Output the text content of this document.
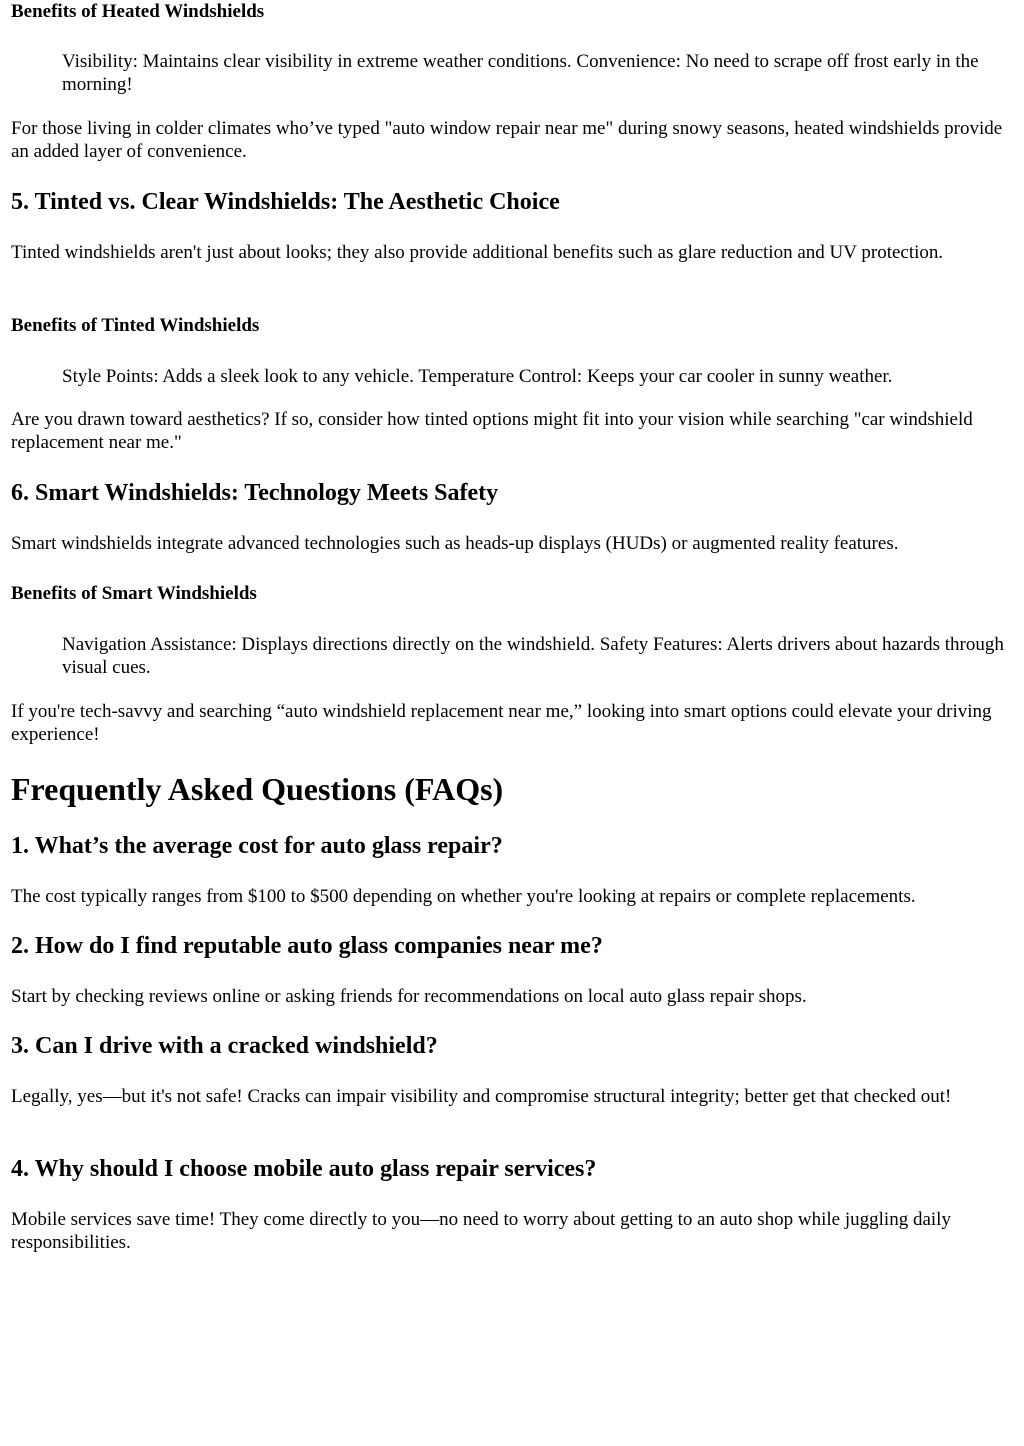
Benefits of Heated Windshields
Visibility: Maintains clear visibility in extreme weather conditions. Convenience: No need to scrape off frost early in the morning!
For those living in colder climates who’ve typed "auto window repair near me" during snowy seasons, heated windshields provide an added layer of convenience.
5. Tinted vs. Clear Windshields: The Aesthetic Choice
Tinted windshields aren't just about looks; they also provide additional benefits such as glare reduction and UV protection.
Benefits of Tinted Windshields
Style Points: Adds a sleek look to any vehicle. Temperature Control: Keeps your car cooler in sunny weather.
Are you drawn toward aesthetics? If so, consider how tinted options might fit into your vision while searching "car windshield replacement near me."
6. Smart Windshields: Technology Meets Safety
Smart windshields integrate advanced technologies such as heads-up displays (HUDs) or augmented reality features.
Benefits of Smart Windshields
Navigation Assistance: Displays directions directly on the windshield. Safety Features: Alerts drivers about hazards through visual cues.
If you're tech-savvy and searching “auto windshield replacement near me,” looking into smart options could elevate your driving experience!
Frequently Asked Questions (FAQs)
1. What’s the average cost for auto glass repair?
The cost typically ranges from $100 to $500 depending on whether you're looking at repairs or complete replacements.
2. How do I find reputable auto glass companies near me?
Start by checking reviews online or asking friends for recommendations on local auto glass repair shops.
3. Can I drive with a cracked windshield?
Legally, yes—but it's not safe! Cracks can impair visibility and compromise structural integrity; better get that checked out!
4. Why should I choose mobile auto glass repair services?
Mobile services save time! They come directly to you—no need to worry about getting to an auto shop while juggling daily responsibilities.
